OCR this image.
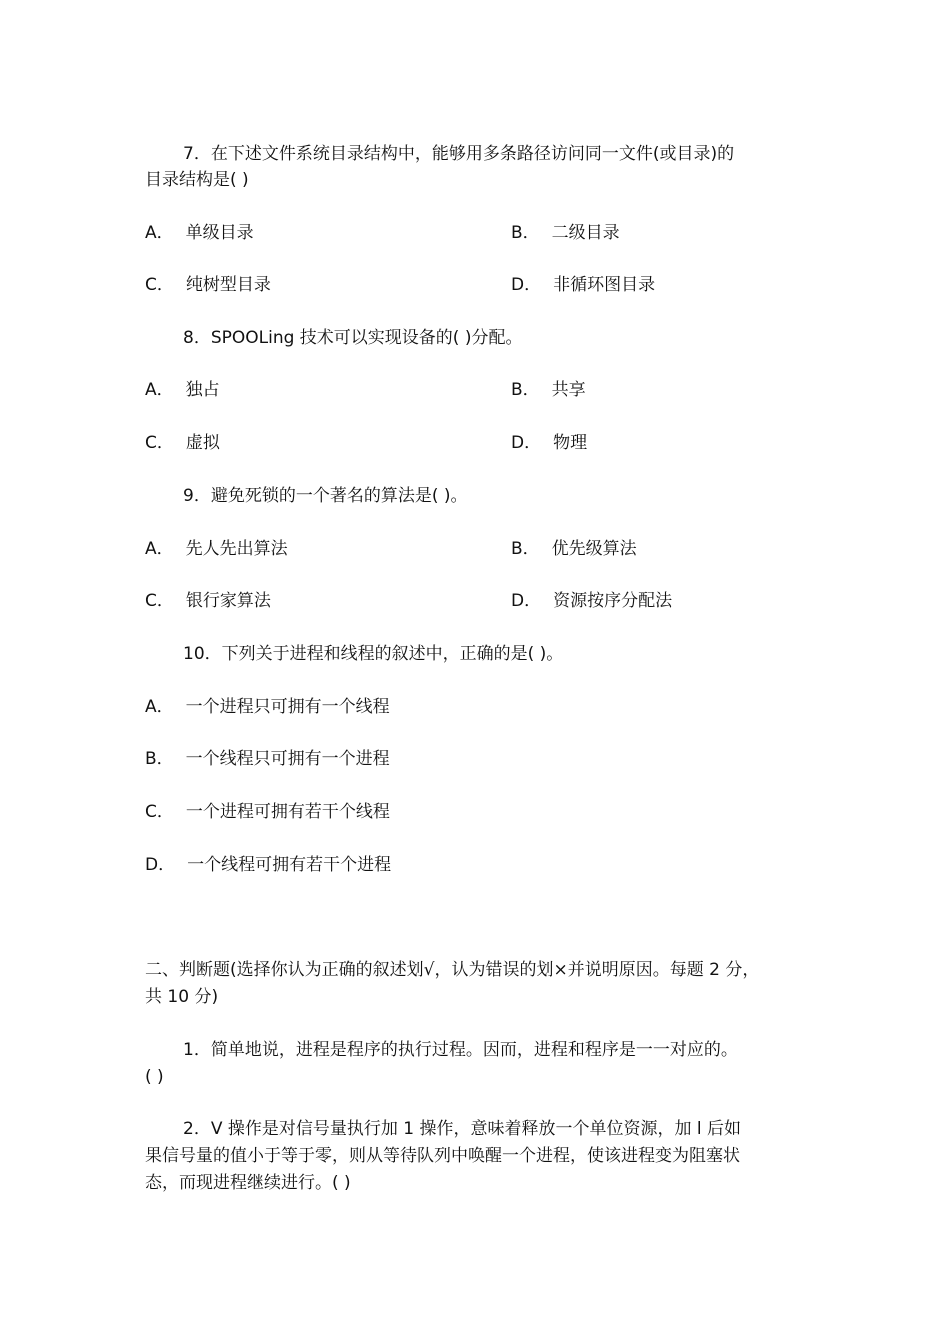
7．在下述文件系统目录结构中，能够用多条路径访问同一文件(或目录)的
目录结构是( )
A． 单级目录	B． 二级目录
C． 纯树型目录	D． 非循环图目录
8．SPOOLing 技术可以实现设备的( )分配。
A． 独占	B． 共享
C． 虚拟	D． 物理
9．避免死锁的一个著名的算法是( )。
A． 先人先出算法	B． 优先级算法
C． 银行家算法	D． 资源按序分配法
10．下列关于进程和线程的叙述中，正确的是( )。
A． 一个进程只可拥有一个线程
B． 一个线程只可拥有一个进程
C． 一个进程可拥有若干个线程
D． 一个线程可拥有若干个进程
二、判断题(选择你认为正确的叙述划√，认为错误的划×并说明原因。每题 2 分，
共 10 分)
1．简单地说，进程是程序的执行过程。因而，进程和程序是一一对应的。
( )
2．V 操作是对信号量执行加 1 操作，意味着释放一个单位资源，加 l 后如
果信号量的值小于等于零，则从等待队列中唤醒一个进程，使该进程变为阻塞状
态，而现进程继续进行。( )
